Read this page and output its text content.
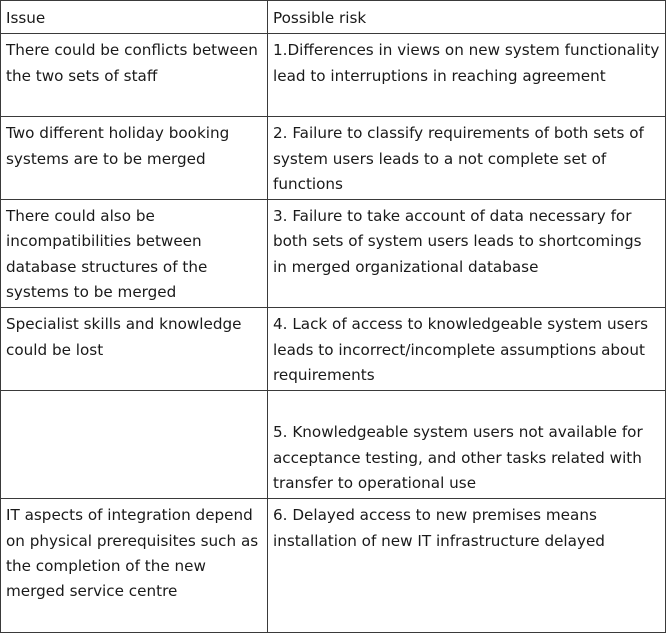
Issue	Possible risk
There could be conflicts between the two sets of staff	1.Differences in views on new system functionality lead to interruptions in reaching agreement
Two different holiday booking systems are to be merged	2. Failure to classify requirements of both sets of system users leads to a not complete set of functions
There could also be incompatibilities between database structures of the systems to be merged	3. Failure to take account of data necessary for both sets of system users leads to shortcomings in merged organizational database
Specialist skills and knowledge could be lost	4. Lack of access to knowledgeable system users leads to incorrect/incomplete assumptions about requirements
	5. Knowledgeable system users not available for acceptance testing, and other tasks related with transfer to operational use
IT aspects of integration depend on physical prerequisites such as the completion of the new merged service centre	6. Delayed access to new premises means installation of new IT infrastructure delayed
